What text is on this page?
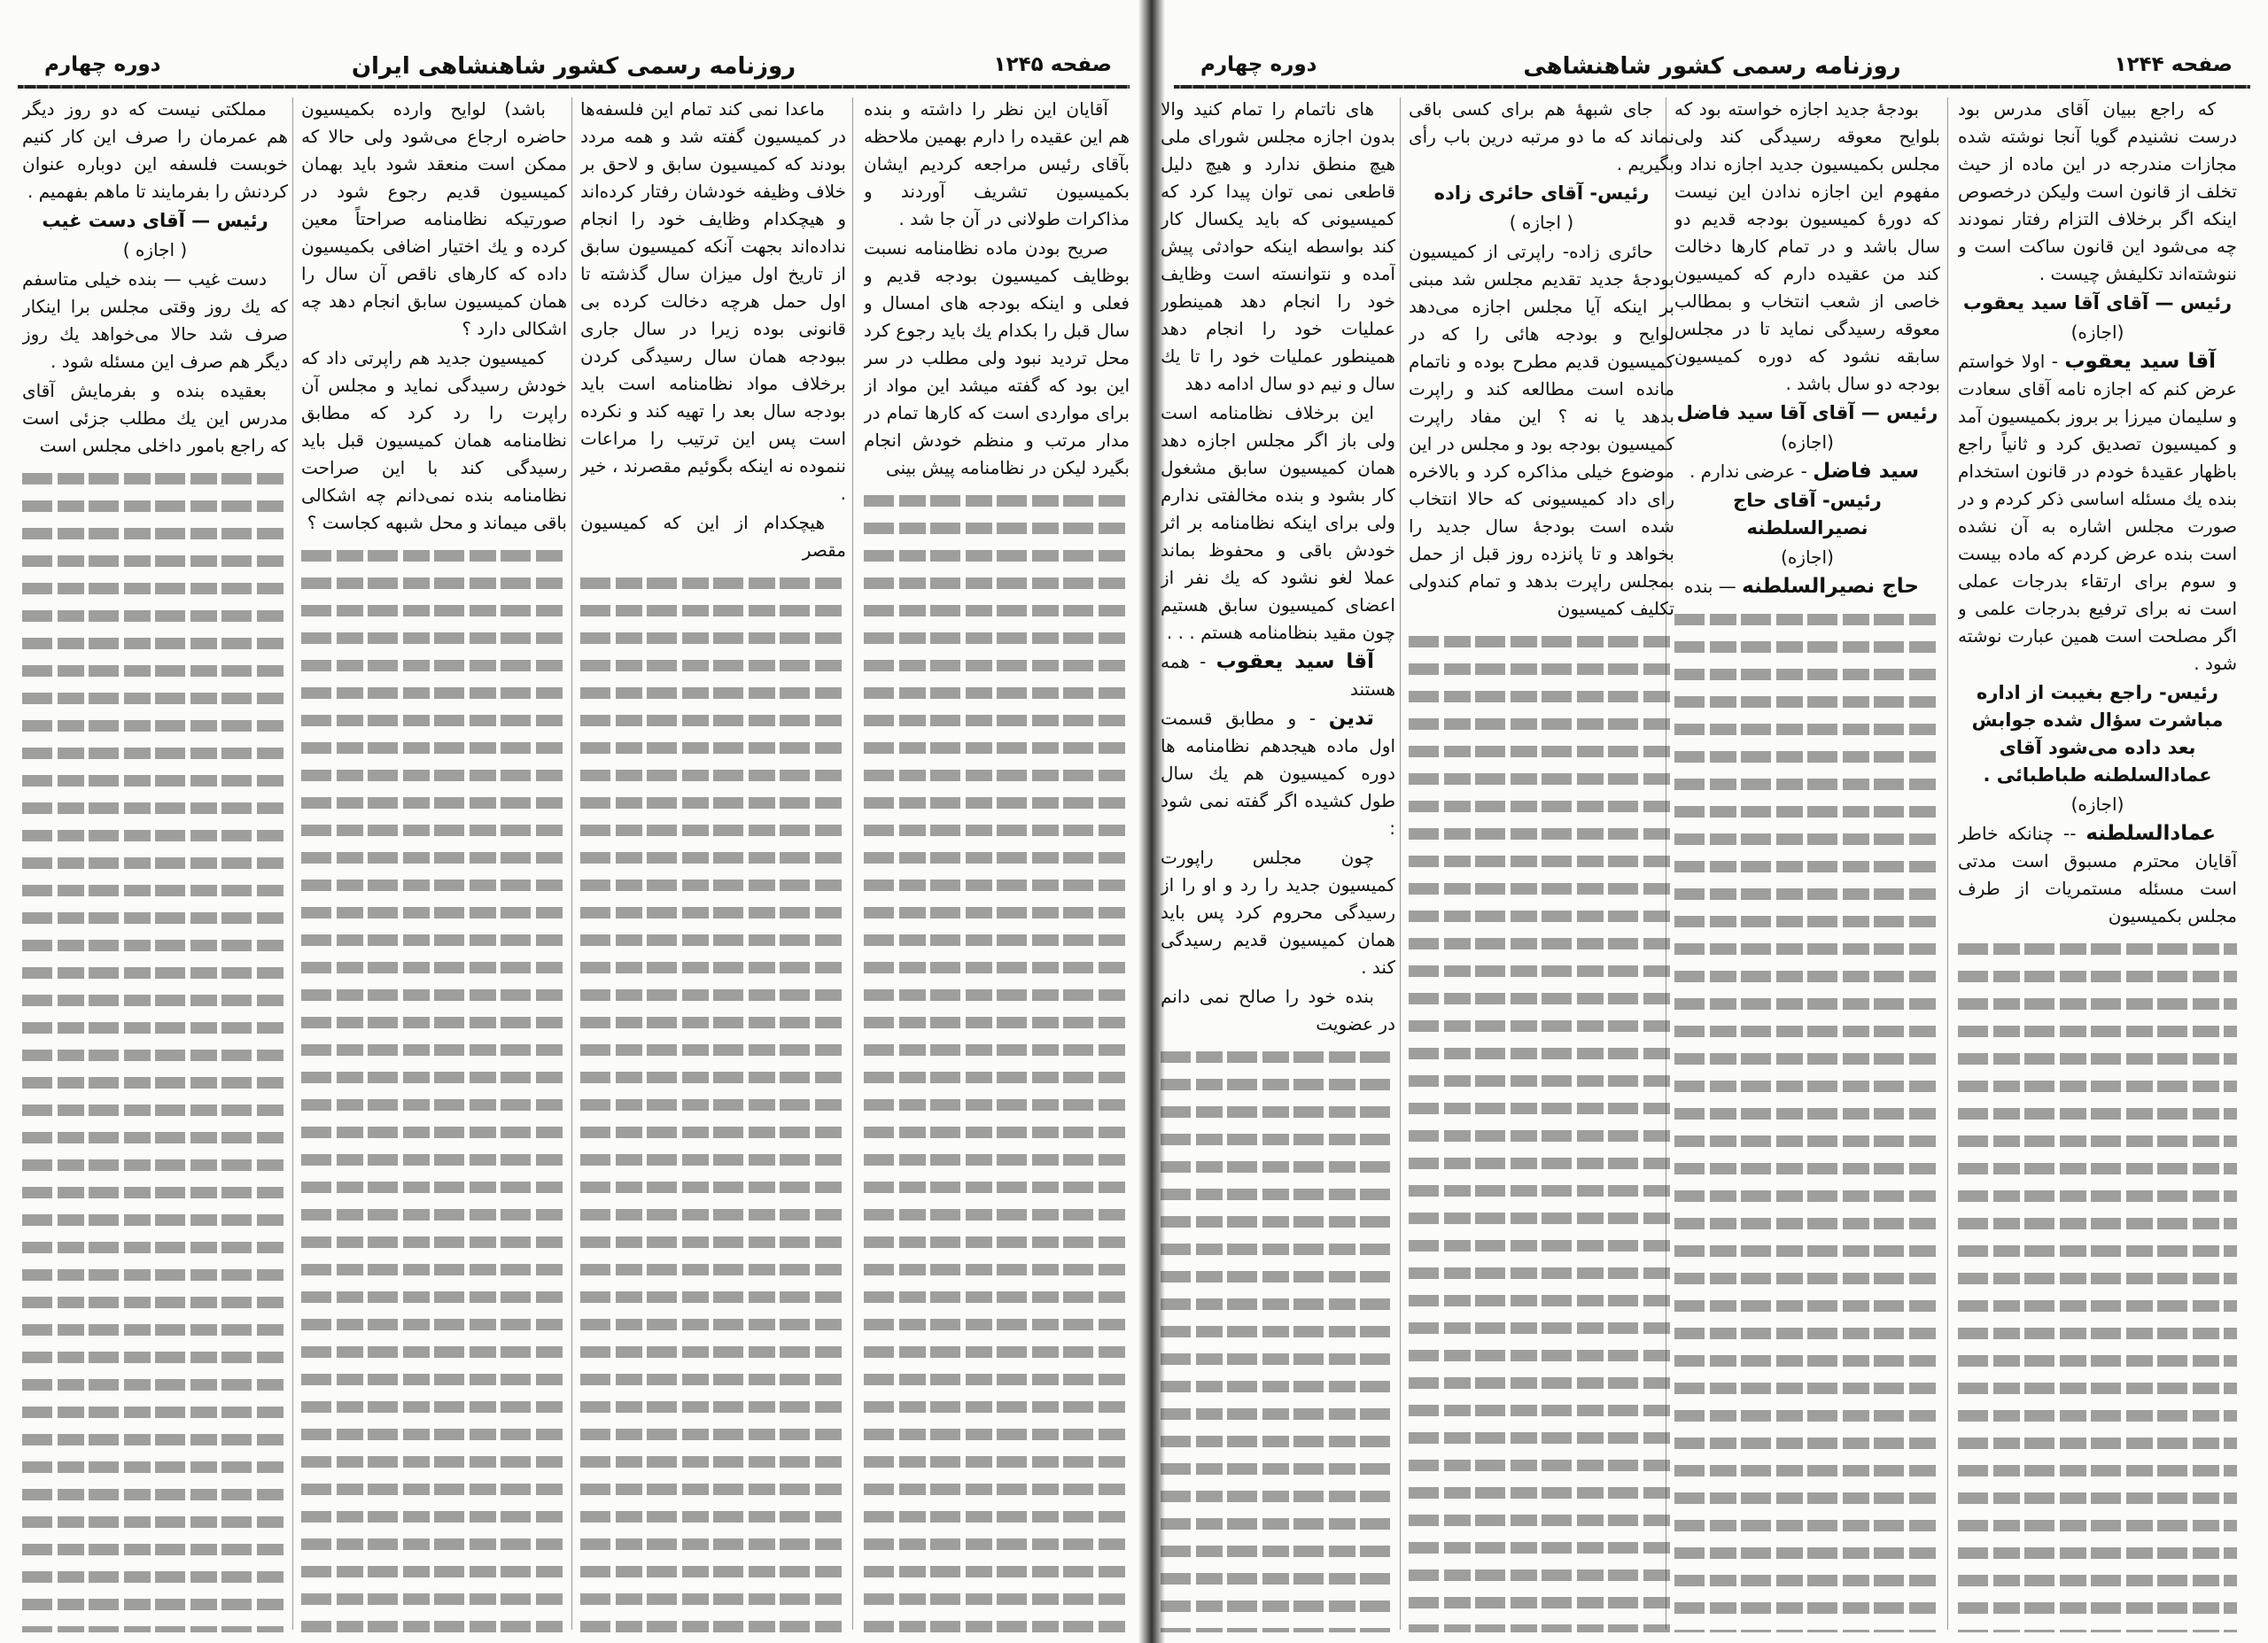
صفحه ۱۲۴۵
روزنامه رسمی کشور شاهنشاهی ایران
دوره چهارم

آقایان این نظر را داشته و بنده هم این عقیده را دارم بهمین ملاحظه بآقای رئیس مراجعه کردیم ایشان بکمیسیون تشریف آوردند و مذاکرات طولانی در آن جا شد .

صریح بودن ماده نظامنامه نسبت بوظایف کمیسیون بودجه قدیم و فعلی و اینکه بودجه های امسال و سال قبل را بکدام یك باید رجوع کرد محل تردید نبود ولی مطلب در سر این بود که گفته میشد این مواد از برای مواردی است که کارها تمام در مدار مرتب و منظم خودش انجام بگیرد لیکن در نظامنامه پیش بینی

ماعدا نمی کند تمام این فلسفه‌ها در کمیسیون گفته شد و همه مردد بودند که کمیسیون سابق و لاحق بر خلاف وظیفه خودشان رفتار کرده‌اند و هیچکدام وظایف خود را انجام نداده‌اند بجهت آنکه کمیسیون سابق از تاریخ اول میزان سال گذشته تا اول حمل هرچه دخالت کرده بی قانونی بوده زیرا در سال جاری ببودجه همان سال رسیدگی کردن برخلاف مواد نظامنامه است باید بودجه سال بعد را تهیه کند و نکرده است پس این ترتیب را مراعات ننموده نه اینکه بگوئیم مقصرند ، خیر .

هیچکدام از این که کمیسیون مقصر

باشد) لوایح وارده بکمیسیون حاضره ارجاع می‌شود ولی حالا که ممکن است منعقد شود باید بهمان کمیسیون قدیم رجوع شود در صورتیکه نظامنامه صراحتاً معین کرده و یك اختیار اضافی بکمیسیون داده که کارهای ناقص آن سال را همان کمیسیون سابق انجام دهد چه اشکالی دارد ؟

کمیسیون جدید هم راپرتی داد که خودش رسیدگی نماید و مجلس آن راپرت را رد کرد که مطابق نظامنامه همان کمیسیون قبل باید رسیدگی کند با این صراحت نظامنامه بنده نمی‌دانم چه اشکالی باقی میماند و محل شبهه کجاست ؟

مملکتی نیست که دو روز دیگر هم عمرمان را صرف این کار کنیم خوبست فلسفه این دوباره عنوان کردنش را بفرمایند تا ماهم بفهمیم .

رئیس — آقای دست غیب

( اجازه )

دست غیب — بنده خیلی متاسفم که یك روز وقتی مجلس برا اینکار صرف شد حالا می‌خواهد یك روز دیگر هم صرف این مسئله شود .

بعقیده بنده و بفرمایش آقای مدرس این یك مطلب جزئی است که راجع بامور داخلی مجلس است

صفحه ۱۲۴۴
روزنامه رسمی کشور شاهنشاهی
دوره چهارم

که راجع ببیان آقای مدرس بود درست نشنیدم گویا آنجا نوشته شده مجازات مندرجه در این ماده از حیث تخلف از قانون است ولیکن درخصوص اینکه اگر برخلاف التزام رفتار نمودند چه می‌شود این قانون ساکت است و ننوشته‌اند تکلیفش چیست .

رئیس — آقای آقا سید یعقوب

(اجازه)

آقا سید یعقوب - اولا خواستم عرض کنم که اجازه نامه آقای سعادت و سلیمان میرزا بر بروز بکمیسیون آمد و کمیسیون تصدیق کرد و ثانیاً راجع باظهار عقیدهٔ خودم در قانون استخدام بنده یك مسئله اساسی ذکر کردم و در صورت مجلس اشاره به آن نشده است بنده عرض کردم که ماده بیست و سوم برای ارتقاء بدرجات عملی است نه برای ترفیع بدرجات علمی و اگر مصلحت است همین عبارت نوشته شود .

رئیس- راجع بغیبت از اداره مباشرت سؤال شده جوابش بعد داده می‌شود آقای عمادالسلطنه طباطبائی .

(اجازه)

عمادالسلطنه -- چنانکه خاطر آقایان محترم مسبوق است مدتی است مسئله مستمریات از طرف مجلس بکمیسیون

بودجهٔ جدید اجازه خواسته بود که بلوایح معوقه رسیدگی کند ولی مجلس بکمیسیون جدید اجازه نداد و مفهوم این اجازه ندادن این نیست که دورهٔ کمیسیون بودجه قدیم دو سال باشد و در تمام کارها دخالت کند من عقیده دارم که کمیسیون خاصی از شعب انتخاب و بمطالب معوقه رسیدگی نماید تا در مجلس سابقه نشود که دوره کمیسیون بودجه دو سال باشد .

رئیس — آقای آقا سید فاضل

(اجازه)

سید فاضل - عرضی ندارم .

رئیس- آقای حاج نصیرالسلطنه

(اجازه)

حاج نصیرالسلطنه — بنده

جای شبههٔ هم برای کسی باقی نماند که ما دو مرتبه درین باب رأی بگیریم .

رئیس- آقای حائری زاده

( اجازه )

حائری زاده- راپرتی از کمیسیون بودجهٔ جدید تقدیم مجلس شد مبنی بر اینکه آیا مجلس اجازه می‌دهد لوایح و بودجه هائی را که در کمیسیون قدیم مطرح بوده و ناتمام مانده است مطالعه کند و راپرت بدهد یا نه ؟ این مفاد راپرت کمیسیون بودجه بود و مجلس در این موضوع خیلی مذاکره کرد و بالاخره رای داد کمیسیونی که حالا انتخاب شده است بودجهٔ سال جدید را بخواهد و تا پانزده روز قبل از حمل بمجلس راپرت بدهد و تمام کندولی تکلیف کمیسیون

های ناتمام را تمام کنید والا بدون اجازه مجلس شورای ملی هیچ منطق ندارد و هیچ دلیل قاطعی نمی توان پیدا کرد که کمیسیونی که باید یکسال کار کند بواسطه اینکه حوادثی پیش آمده و نتوانسته است وظایف خود را انجام دهد همینطور عملیات خود را انجام دهد همینطور عملیات خود را تا یك سال و نیم دو سال ادامه دهد

این برخلاف نظامنامه است ولی باز اگر مجلس اجازه دهد همان کمیسیون سابق مشغول کار بشود و بنده مخالفتی ندارم ولی برای اینکه نظامنامه بر اثر خودش باقی و محفوظ بماند عملا لغو نشود که یك نفر از اعضای کمیسیون سابق هستیم چون مقید بنظامنامه هستم . . .

آقا سید یعقوب - همه هستند

تدین - و مطابق قسمت اول ماده هیجدهم نظامنامه ها دوره کمیسیون هم یك سال طول کشیده اگر گفته نمی شود :

چون مجلس راپورت کمیسیون جدید را رد و او را از رسیدگی محروم کرد پس باید همان کمیسیون قدیم رسیدگی کند .

بنده خود را صالح نمی دانم در عضویت
